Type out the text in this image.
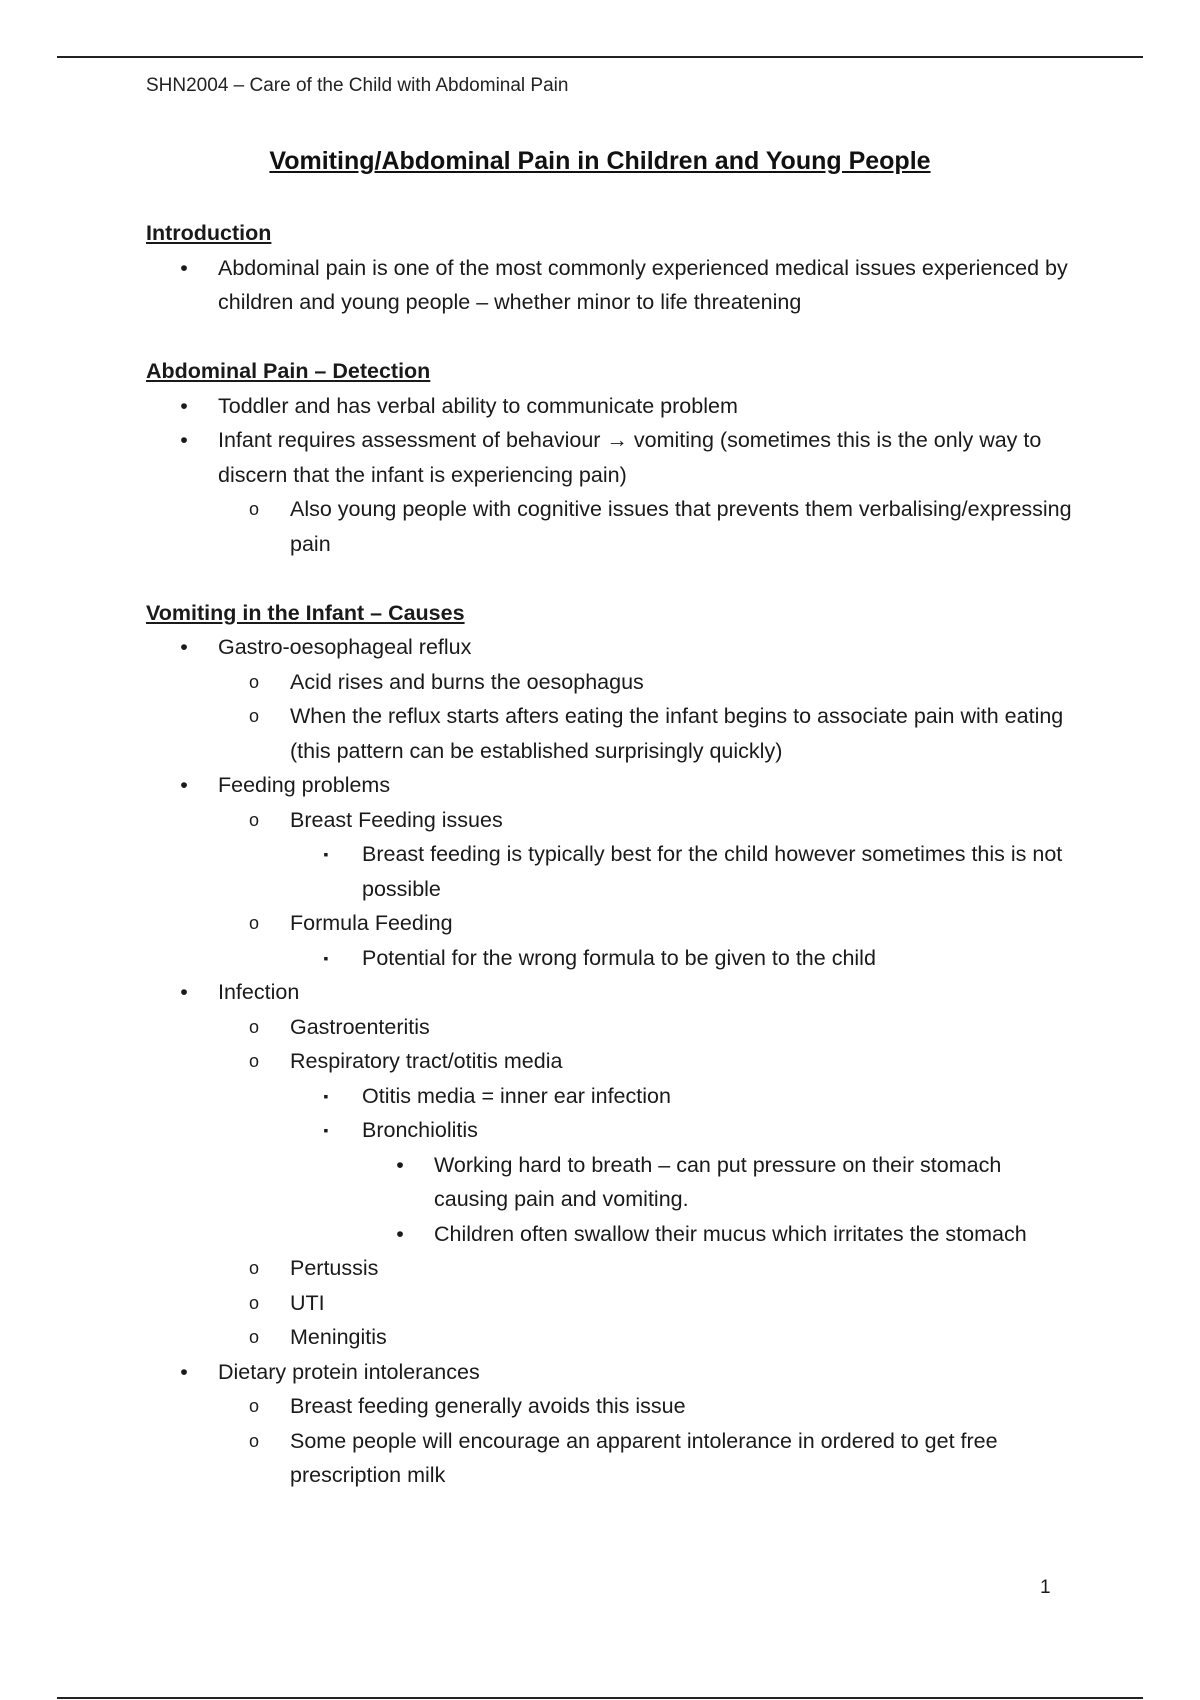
SHN2004 – Care of the Child with Abdominal Pain
Vomiting/Abdominal Pain in Children and Young People
Introduction
• Abdominal pain is one of the most commonly experienced medical issues experienced by children and young people – whether minor to life threatening
Abdominal Pain – Detection
• Toddler and has verbal ability to communicate problem
• Infant requires assessment of behaviour → vomiting (sometimes this is the only way to discern that the infant is experiencing pain)
o Also young people with cognitive issues that prevents them verbalising/expressing pain
Vomiting in the Infant – Causes
• Gastro-oesophageal reflux
o Acid rises and burns the oesophagus
o When the reflux starts afters eating the infant begins to associate pain with eating (this pattern can be established surprisingly quickly)
• Feeding problems
o Breast Feeding issues
▪	Breast feeding is typically best for the child however sometimes this is not possible
o Formula Feeding
▪	Potential for the wrong formula to be given to the child
• Infection
o Gastroenteritis
o Respiratory tract/otitis media
▪	Otitis media = inner ear infection
▪	Bronchiolitis
• Working hard to breath – can put pressure on their stomach causing pain and vomiting.
• Children often swallow their mucus which irritates the stomach
o Pertussis
o UTI
o Meningitis
• Dietary protein intolerances
o Breast feeding generally avoids this issue
o Some people will encourage an apparent intolerance in ordered to get free prescription milk
1
